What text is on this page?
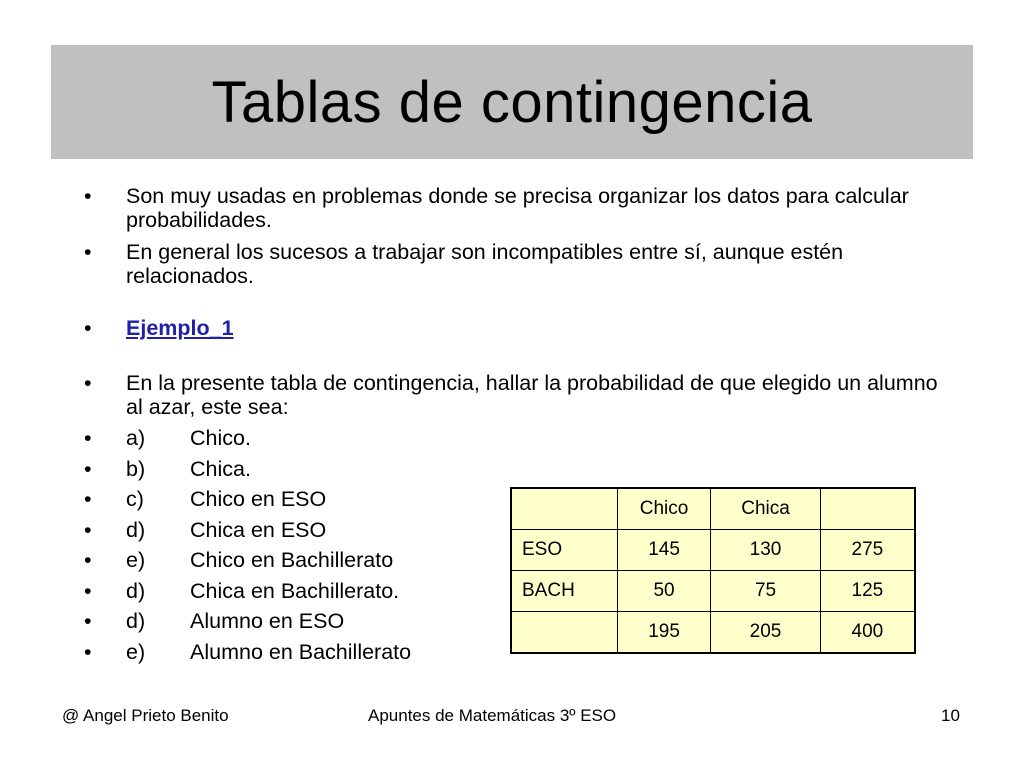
Tablas de contingencia
• Son muy usadas en problemas donde se precisa organizar los datos para calcular probabilidades.
• En general los sucesos a trabajar son incompatibles entre sí, aunque estén relacionados.
• Ejemplo_1
• En la presente tabla de contingencia, hallar la probabilidad de que elegido un alumno al azar, este sea:
• a) Chico.
• b) Chica.
• c) Chico en ESO
• d) Chica en ESO
• e) Chico en Bachillerato
• d) Chica en Bachillerato.
• d) Alumno en ESO
• e) Alumno en Bachillerato
	Chico	Chica	
ESO	145	130	275
BACH	50	75	125
	195	205	400
@ Angel Prieto Benito	Apuntes de Matemáticas 3º ESO	10
